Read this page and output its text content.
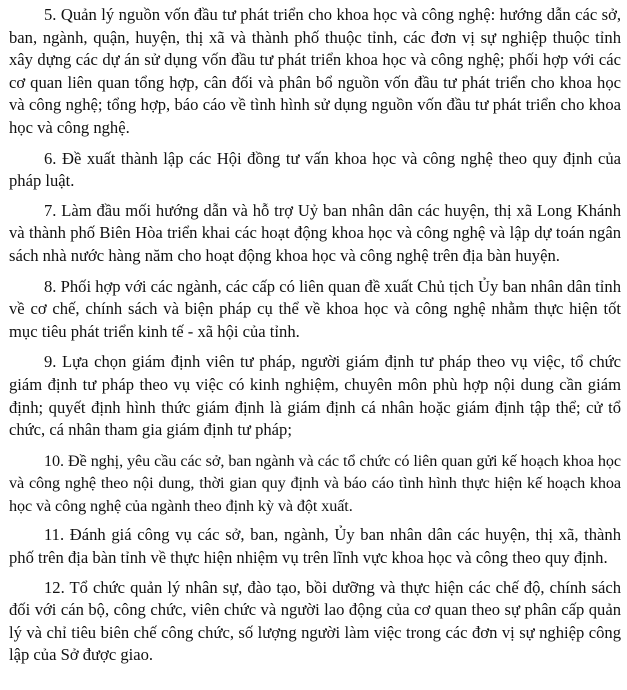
5. Quản lý nguồn vốn đầu tư phát triển cho khoa học và công nghệ: hướng dẫn các sở, ban, ngành, quận, huyện, thị xã và thành phố thuộc tỉnh, các đơn vị sự nghiệp thuộc tỉnh xây dựng các dự án sử dụng vốn đầu tư phát triển khoa học và công nghệ; phối hợp với các cơ quan liên quan tổng hợp, cân đối và phân bổ nguồn vốn đầu tư phát triển cho khoa học và công nghệ; tổng hợp, báo cáo về tình hình sử dụng nguồn vốn đầu tư phát triển cho khoa học và công nghệ.

6. Đề xuất thành lập các Hội đồng tư vấn khoa học và công nghệ theo quy định của pháp luật.

7. Làm đầu mối hướng dẫn và hỗ trợ Uỷ ban nhân dân các huyện, thị xã Long Khánh và thành phố Biên Hòa triển khai các hoạt động khoa học và công nghệ và lập dự toán ngân sách nhà nước hàng năm cho hoạt động khoa học và công nghệ trên địa bàn huyện.

8. Phối hợp với các ngành, các cấp có liên quan đề xuất Chủ tịch Ủy ban nhân dân tỉnh về cơ chế, chính sách và biện pháp cụ thể về khoa học và công nghệ nhằm thực hiện tốt mục tiêu phát triển kinh tế - xã hội của tỉnh.

9. Lựa chọn giám định viên tư pháp, người giám định tư pháp theo vụ việc, tổ chức giám định tư pháp theo vụ việc có kinh nghiệm, chuyên môn phù hợp nội dung cần giám định; quyết định hình thức giám định là giám định cá nhân hoặc giám định tập thể; cử tổ chức, cá nhân tham gia giám định tư pháp;

10. Đề nghị, yêu cầu các sở, ban ngành và các tổ chức có liên quan gửi kế hoạch khoa học và công nghệ theo nội dung, thời gian quy định và báo cáo tình hình thực hiện kế hoạch khoa học và công nghệ của ngành theo định kỳ và đột xuất.

11. Đánh giá công vụ các sở, ban, ngành, Ủy ban nhân dân các huyện, thị xã, thành phố trên địa bàn tỉnh về thực hiện nhiệm vụ trên lĩnh vực khoa học và công theo quy định.

12. Tổ chức quản lý nhân sự, đào tạo, bồi dưỡng và thực hiện các chế độ, chính sách đối với cán bộ, công chức, viên chức và người lao động của cơ quan theo sự phân cấp quản lý và chỉ tiêu biên chế công chức, số lượng người làm việc trong các đơn vị sự nghiệp công lập của Sở được giao.
